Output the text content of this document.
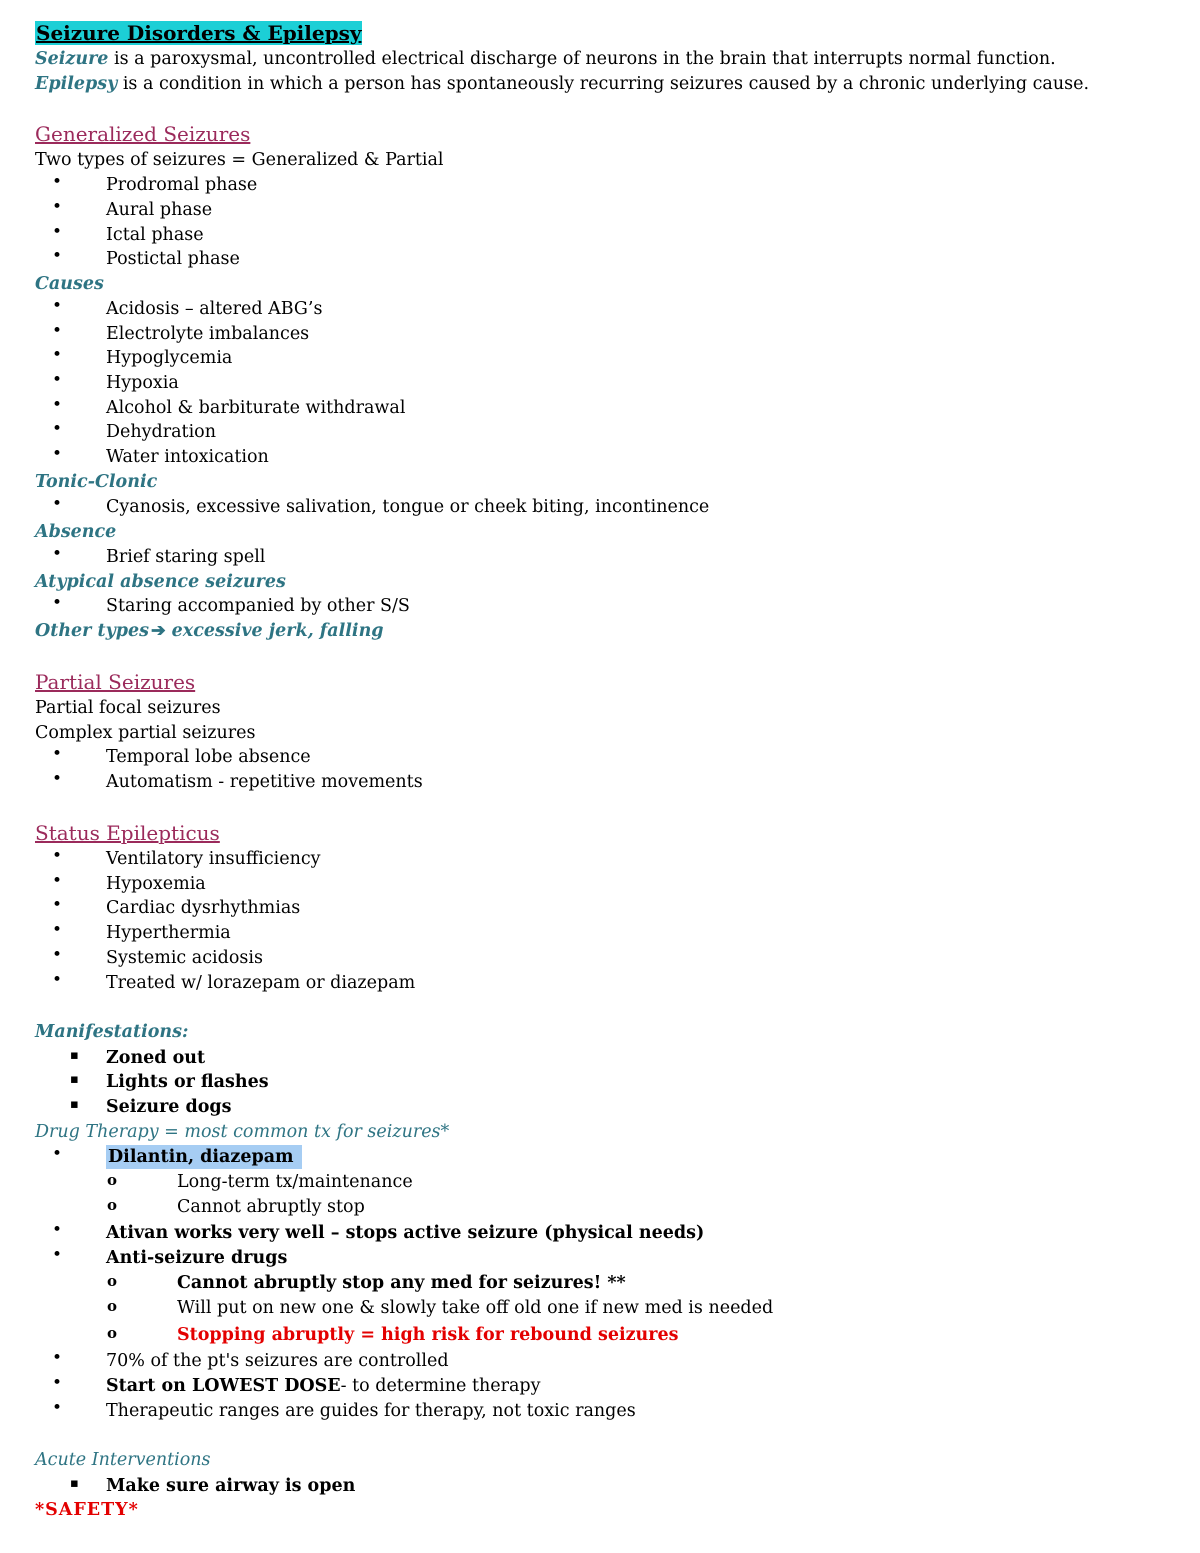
Seizure Disorders & Epilepsy
Seizure is a paroxysmal, uncontrolled electrical discharge of neurons in the brain that interrupts normal function.
Epilepsy is a condition in which a person has spontaneously recurring seizures caused by a chronic underlying cause.
Generalized Seizures
Two types of seizures = Generalized & Partial
•	Prodromal phase
•	Aural phase
•	Ictal phase
•	Postictal phase
Causes
•	Acidosis – altered ABG’s
•	Electrolyte imbalances
•	Hypoglycemia
•	Hypoxia
•	Alcohol & barbiturate withdrawal
•	Dehydration
•	Water intoxication
Tonic-Clonic
•	Cyanosis, excessive salivation, tongue or cheek biting, incontinence
Absence
•	Brief staring spell
Atypical absence seizures
•	Staring accompanied by other S/S
Other types ➔ excessive jerk, falling
Partial Seizures
Partial focal seizures
Complex partial seizures
•	Temporal lobe absence
•	Automatism - repetitive movements
Status Epilepticus
•	Ventilatory insufficiency
•	Hypoxemia
•	Cardiac dysrhythmias
•	Hyperthermia
•	Systemic acidosis
•	Treated w/ lorazepam or diazepam
Manifestations:
▪ Zoned out
▪ Lights or flashes
▪ Seizure dogs
Drug Therapy = most common tx for seizures*
•	Dilantin, diazepam
o	Long-term tx/maintenance
o	Cannot abruptly stop
•	Ativan works very well – stops active seizure (physical needs)
•	Anti-seizure drugs
o	Cannot abruptly stop any med for seizures! **
o	Will put on new one & slowly take off old one if new med is needed
o	Stopping abruptly = high risk for rebound seizures
•	70% of the pt's seizures are controlled
•	Start on LOWEST DOSE- to determine therapy
•	Therapeutic ranges are guides for therapy, not toxic ranges
Acute Interventions
▪ Make sure airway is open
*SAFETY*
